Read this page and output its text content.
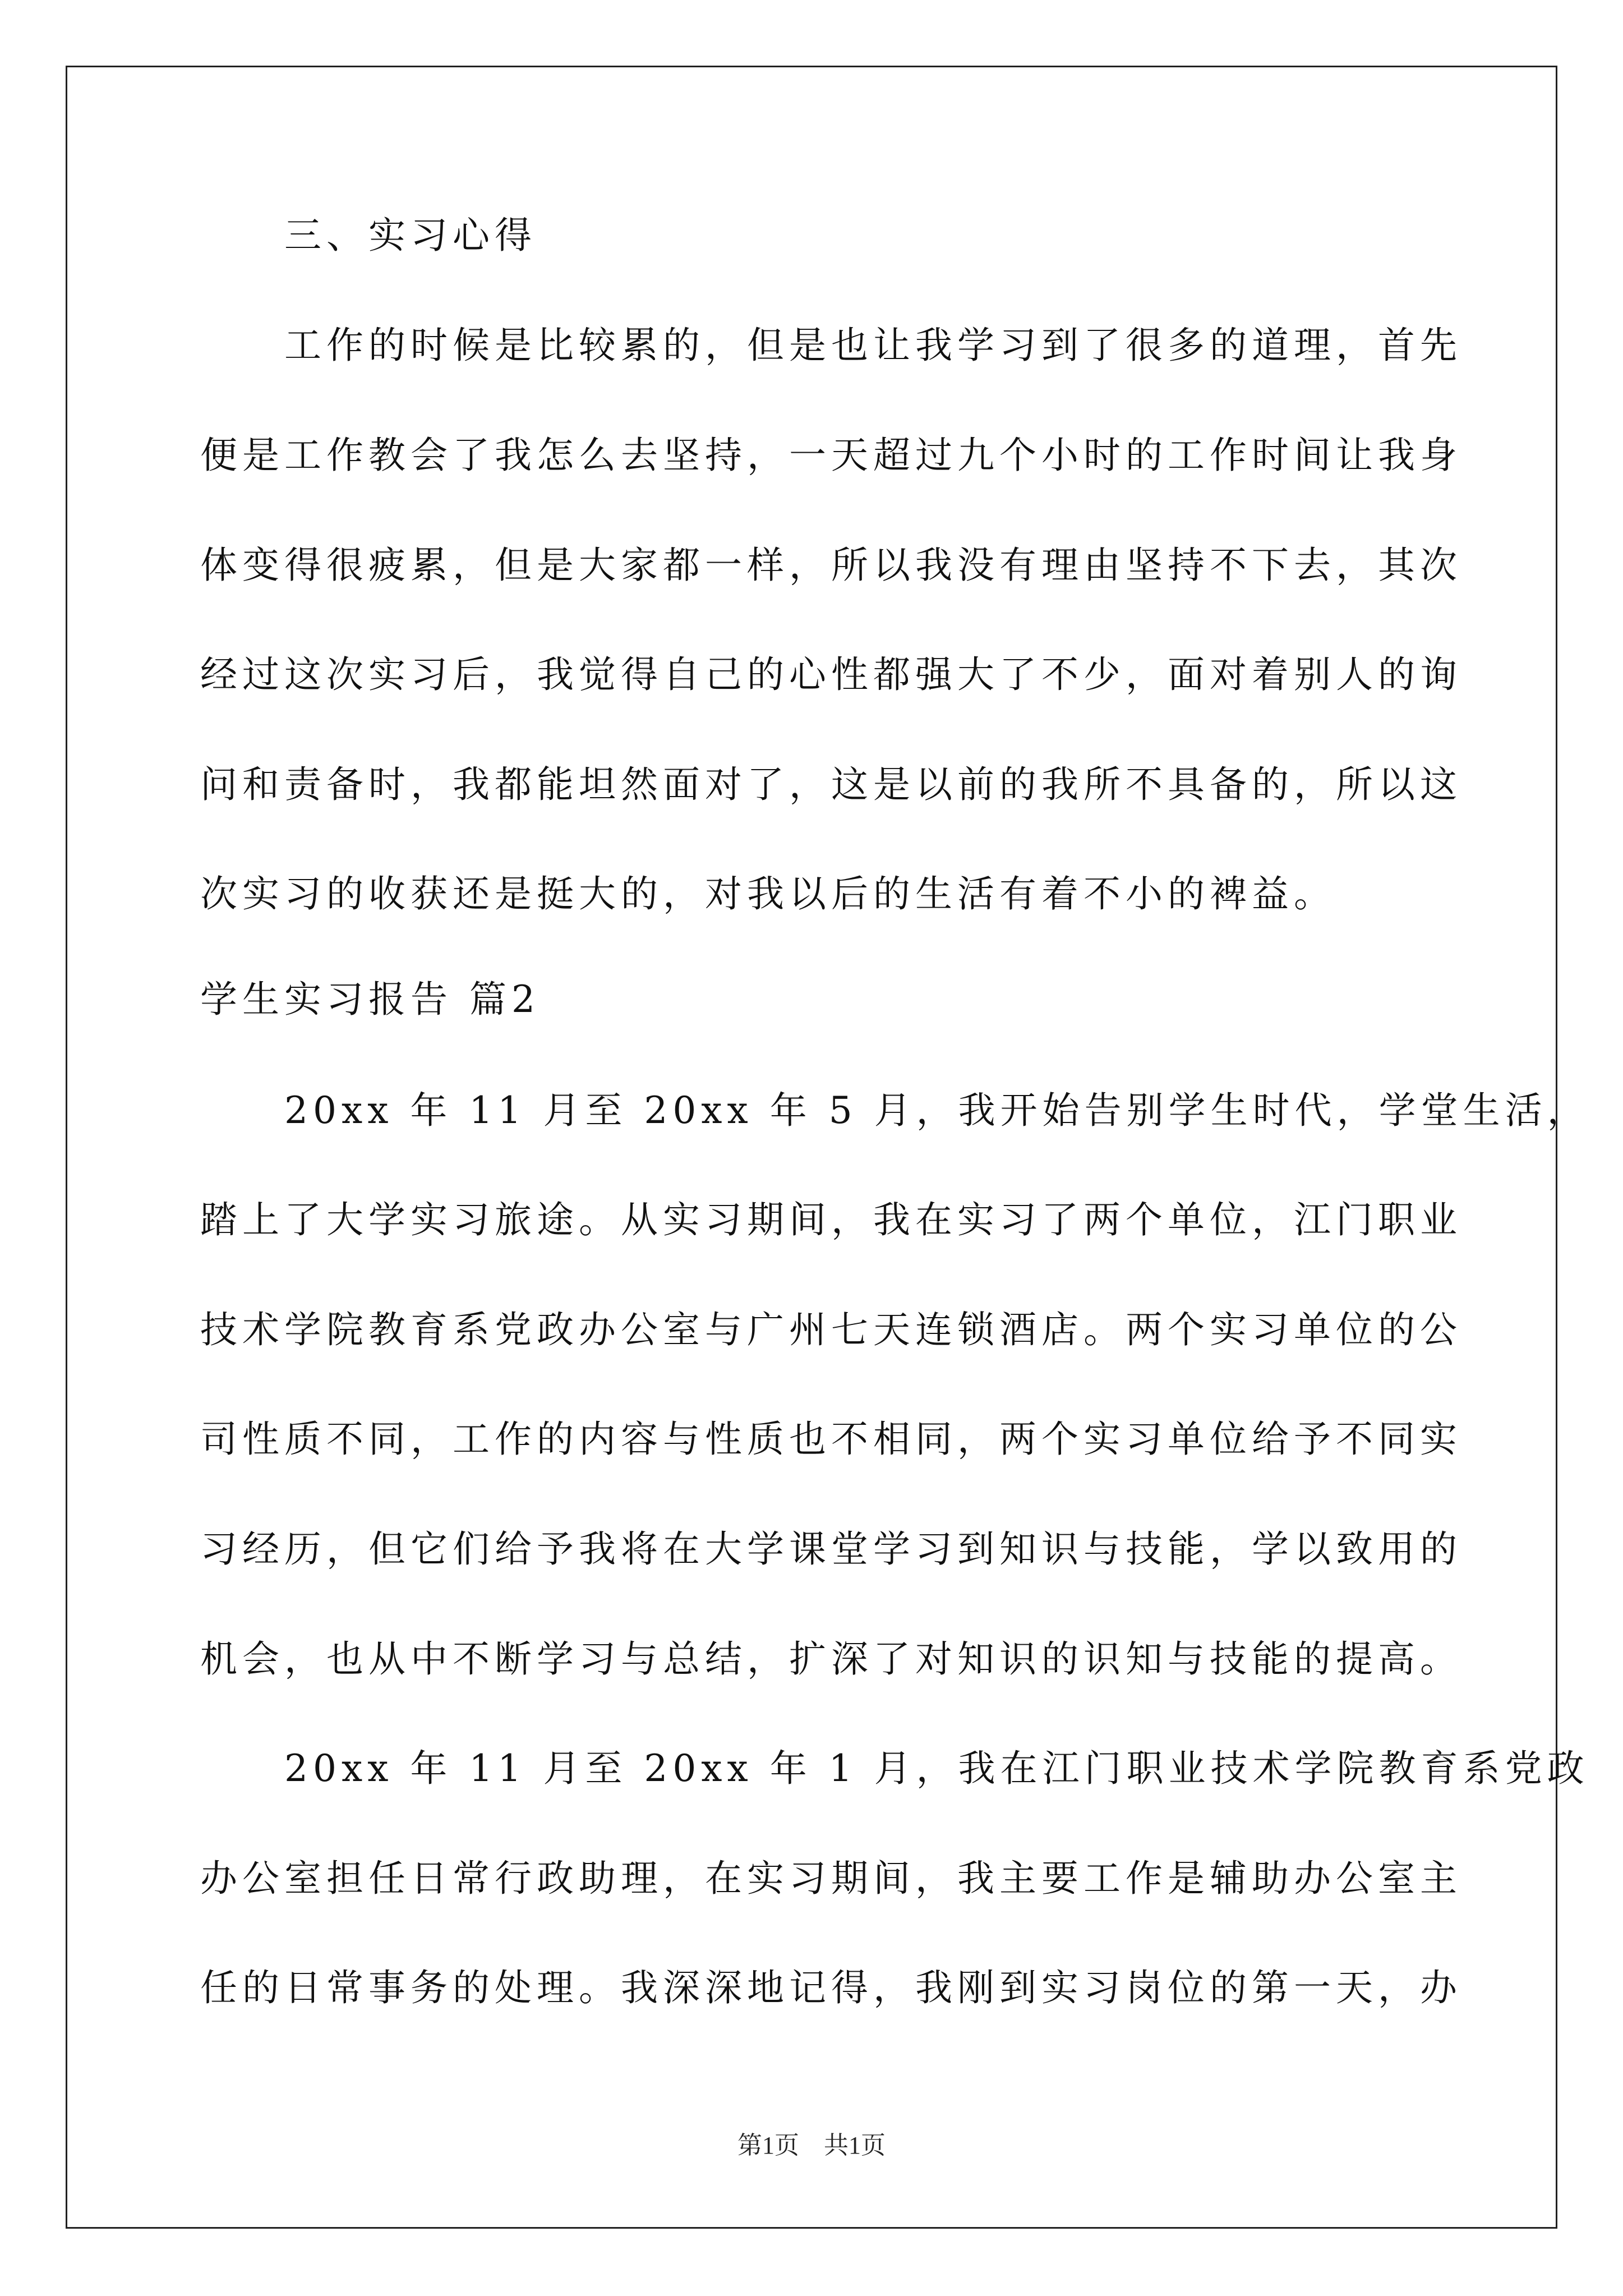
三、实习心得
工作的时候是比较累的，但是也让我学习到了很多的道理，首先
便是工作教会了我怎么去坚持，一天超过九个小时的工作时间让我身
体变得很疲累，但是大家都一样，所以我没有理由坚持不下去，其次
经过这次实习后，我觉得自己的心性都强大了不少，面对着别人的询
问和责备时，我都能坦然面对了，这是以前的我所不具备的，所以这
次实习的收获还是挺大的，对我以后的生活有着不小的裨益。
学生实习报告 篇2
20xx 年 11 月至 20xx 年 5 月，我开始告别学生时代，学堂生活，
踏上了大学实习旅途。从实习期间，我在实习了两个单位，江门职业
技术学院教育系党政办公室与广州七天连锁酒店。两个实习单位的公
司性质不同，工作的内容与性质也不相同，两个实习单位给予不同实
习经历，但它们给予我将在大学课堂学习到知识与技能，学以致用的
机会，也从中不断学习与总结，扩深了对知识的识知与技能的提高。
20xx 年 11 月至 20xx 年 1 月，我在江门职业技术学院教育系党政
办公室担任日常行政助理，在实习期间，我主要工作是辅助办公室主
任的日常事务的处理。我深深地记得，我刚到实习岗位的第一天，办
第1页　共1页
